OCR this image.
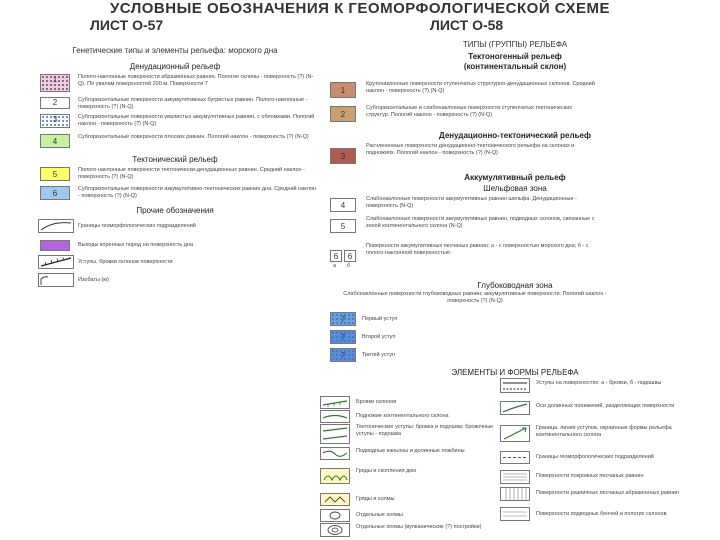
УСЛОВНЫЕ ОБОЗНАЧЕНИЯ К ГЕОМОРФОЛОГИЧЕСКОЙ СХЕМЕ
ЛИСТ О-57	ЛИСТ О-58
Генетические типы и элементы рельефа: морского дна
Денудационный рельеф
1	Полого-наклонные поверхности абразионных равнин. Пологие склоны - поверхность (?) (N-Q). По увалам поверхностей 200 м. Поверхности 7
2	Субгоризонтальные поверхности аккумулятивных бугристых равнин. Полого-наклонные - поверхность (?) (N-Q)
3	Субгоризонтальные поверхности увалистых аккумулятивных равнин, с обломками. Пологий наклон - поверхность (?) (N-Q)
4	Субгоризонтальные поверхности плоских равнин. Пологий наклон - поверхность (?) (N-Q)
Тектонический рельеф
5	Полого-наклонные поверхности тектонически-денудационных равнин. Средний наклон - поверхность (?) (N-Q)
6	Субгоризонтальные поверхности аккумулятивно-тектонических равнин дна. Средний наклон - поверхность (?) (N-Q)
Прочие обозначения
Границы геоморфологических подразделений
Выходы коренных пород на поверхность дна
Уступы, бровки склонов поверхности
Изобаты (м)
ТИПЫ (ГРУППЫ) РЕЛЬЕФА
Тектоногенный рельеф
(континентальный склон)
1
Крутонаклонные поверхности ступенчатых структурно-денудационных склонов. Средний наклон - поверхность (?) (N-Q)
2
Субгоризонтальные и слабонаклонные поверхности ступенчатых тектонических структур. Пологий наклон - поверхность (?) (N-Q)
Денудационно-тектонический рельеф
3
Расчлененные поверхности денудационно-тектонического рельефа на склонах и подножиях. Пологий наклон - поверхность (?) (N-Q)
Аккумулятивный рельеф
Шельфовая зона
4
Слабонаклонные поверхности аккумулятивных равнин шельфа. Денудационные - поверхность (N-Q)
5
Слабонаклонные поверхности аккумулятивных равнин, подводных склонов, связанные с зоной континентального склона (N-Q)
6 6
а б
Поверхности аккумулятивных песчаных равнин: а - с поверхностью морского дна; б - с полого-наклонной поверхностью
Глубоководная зона
Слабонаклонные поверхности глубоководных равнин; аккумулятивные поверхности. Пологий наклон - поверхность (?) (N-Q)
7	Первый уступ
7	Второй уступ
7	Третий уступ
ЭЛЕМЕНТЫ И ФОРМЫ РЕЛЬЕФА
Бровки склонов
Подножие континентального склона
Тектонические уступы: бровка и подошва; бровочные уступы - подошва
Подводные каньоны и долинные ложбины
Гряды и скопления дюн
Гряды и холмы
Отдельные холмы
Отдельные холмы (вулканические (?) постройки)
Уступы на поверхностях: а - бровки, б - подошвы
Оси долинных понижений, разделяющих поверхности
Граница, линия уступов, окраинные формы рельефа континентального склона
Границы геоморфологических подразделений
Поверхности покровных песчаных равнин
Поверхности различных песчаных абразионных равнин
Поверхности подводных бенчей и пологих склонов
